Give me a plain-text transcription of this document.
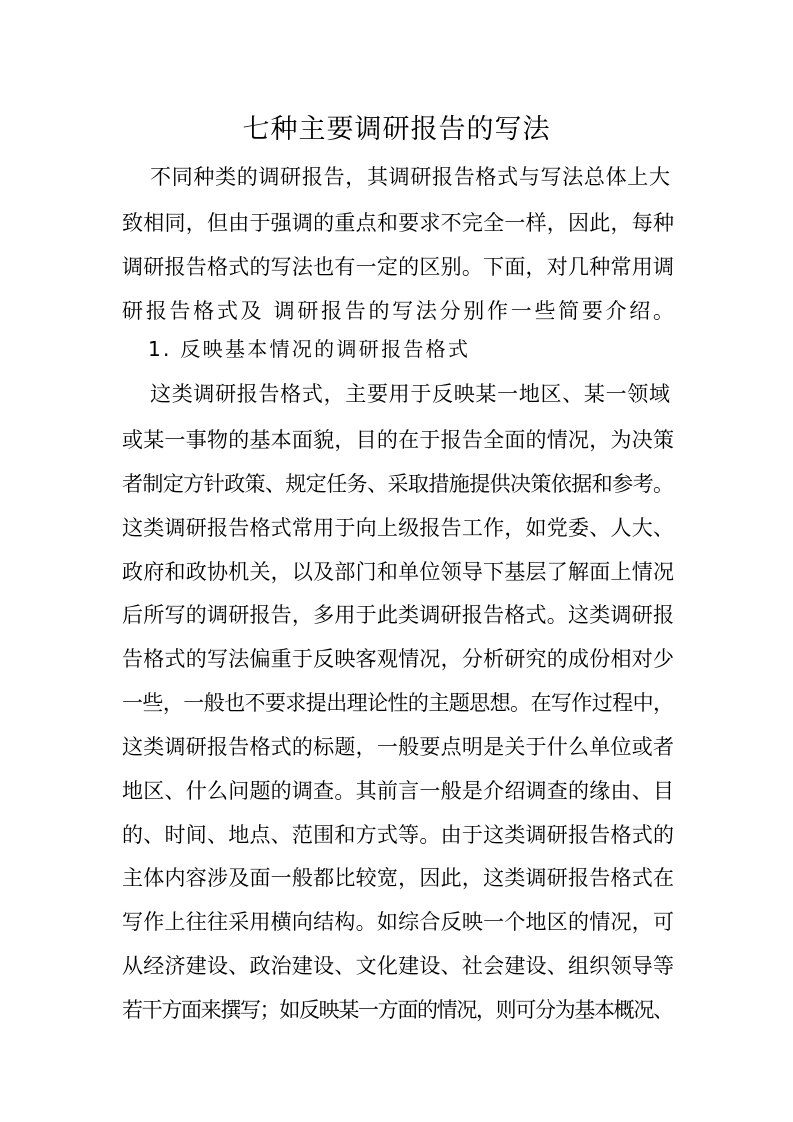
七种主要调研报告的写法
不同种类的调研报告，其调研报告格式与写法总体上大
致相同，但由于强调的重点和要求不完全一样，因此，每种
调研报告格式的写法也有一定的区别。下面，对几种常用调
研报告格式及 调研报告的写法分别作一些简要介绍。
1. 反映基本情况的调研报告格式
这类调研报告格式，主要用于反映某一地区、某一领域
或某一事物的基本面貌，目的在于报告全面的情况，为决策
者制定方针政策、规定任务、采取措施提供决策依据和参考。
这类调研报告格式常用于向上级报告工作，如党委、人大、
政府和政协机关，以及部门和单位领导下基层了解面上情况
后所写的调研报告，多用于此类调研报告格式。这类调研报
告格式的写法偏重于反映客观情况，分析研究的成份相对少
一些，一般也不要求提出理论性的主题思想。在写作过程中，
这类调研报告格式的标题，一般要点明是关于什么单位或者
地区、什么问题的调查。其前言一般是介绍调查的缘由、目
的、时间、地点、范围和方式等。由于这类调研报告格式的
主体内容涉及面一般都比较宽，因此，这类调研报告格式在
写作上往往采用横向结构。如综合反映一个地区的情况，可
从经济建设、政治建设、文化建设、社会建设、组织领导等
若干方面来撰写；如反映某一方面的情况，则可分为基本概况、
